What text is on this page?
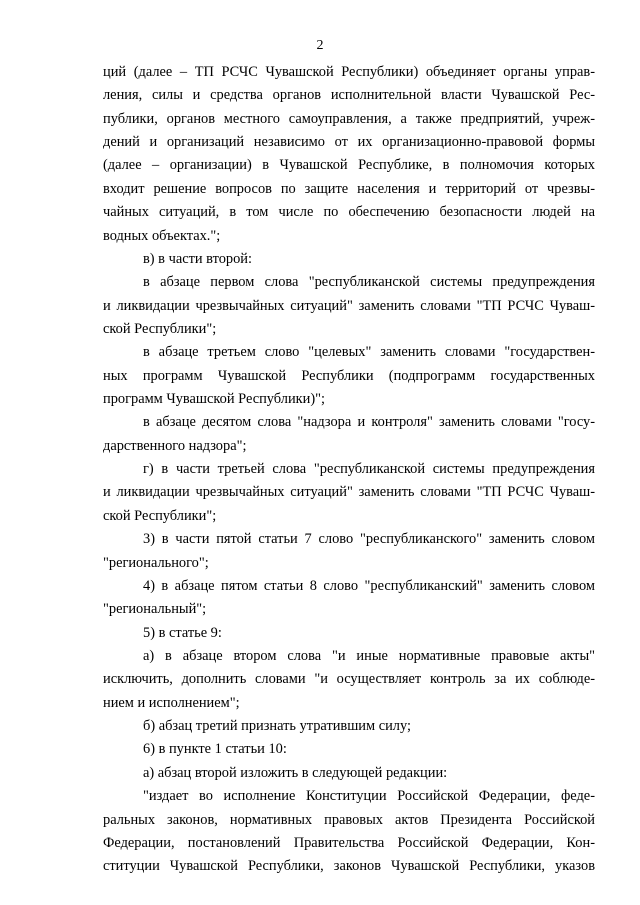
2
ций (далее – ТП РСЧС Чувашской Республики) объединяет органы управ-
ления, силы и средства органов исполнительной власти Чувашской Рес-
публики, органов местного самоуправления, а также предприятий, учреж-
дений и организаций независимо от их организационно-правовой формы
(далее – организации) в Чувашской Республике, в полномочия которых
входит решение вопросов по защите населения и территорий от чрезвы-
чайных ситуаций, в том числе по обеспечению безопасности людей на
водных объектах.";
в) в части второй:
в абзаце первом слова "республиканской системы предупреждения
и ликвидации чрезвычайных ситуаций" заменить словами "ТП РСЧС Чуваш-
ской Республики";
в абзаце третьем слово "целевых" заменить словами "государствен-
ных программ Чувашской Республики (подпрограмм государственных
программ Чувашской Республики)";
в абзаце десятом слова "надзора и контроля" заменить словами "госу-
дарственного надзора";
г) в части третьей слова "республиканской системы предупреждения
и ликвидации чрезвычайных ситуаций" заменить словами "ТП РСЧС Чуваш-
ской Республики";
3) в части пятой статьи 7 слово "республиканского" заменить словом
"регионального";
4) в абзаце пятом статьи 8 слово "республиканский" заменить словом
"региональный";
5) в статье 9:
а) в абзаце втором слова "и иные нормативные правовые акты"
исключить, дополнить словами "и осуществляет контроль за их соблюде-
нием и исполнением";
б) абзац третий признать утратившим силу;
6) в пункте 1 статьи 10:
а) абзац второй изложить в следующей редакции:
"издает во исполнение Конституции Российской Федерации, феде-
ральных законов, нормативных правовых актов Президента Российской
Федерации, постановлений Правительства Российской Федерации, Кон-
ституции Чувашской Республики, законов Чувашской Республики, указов
